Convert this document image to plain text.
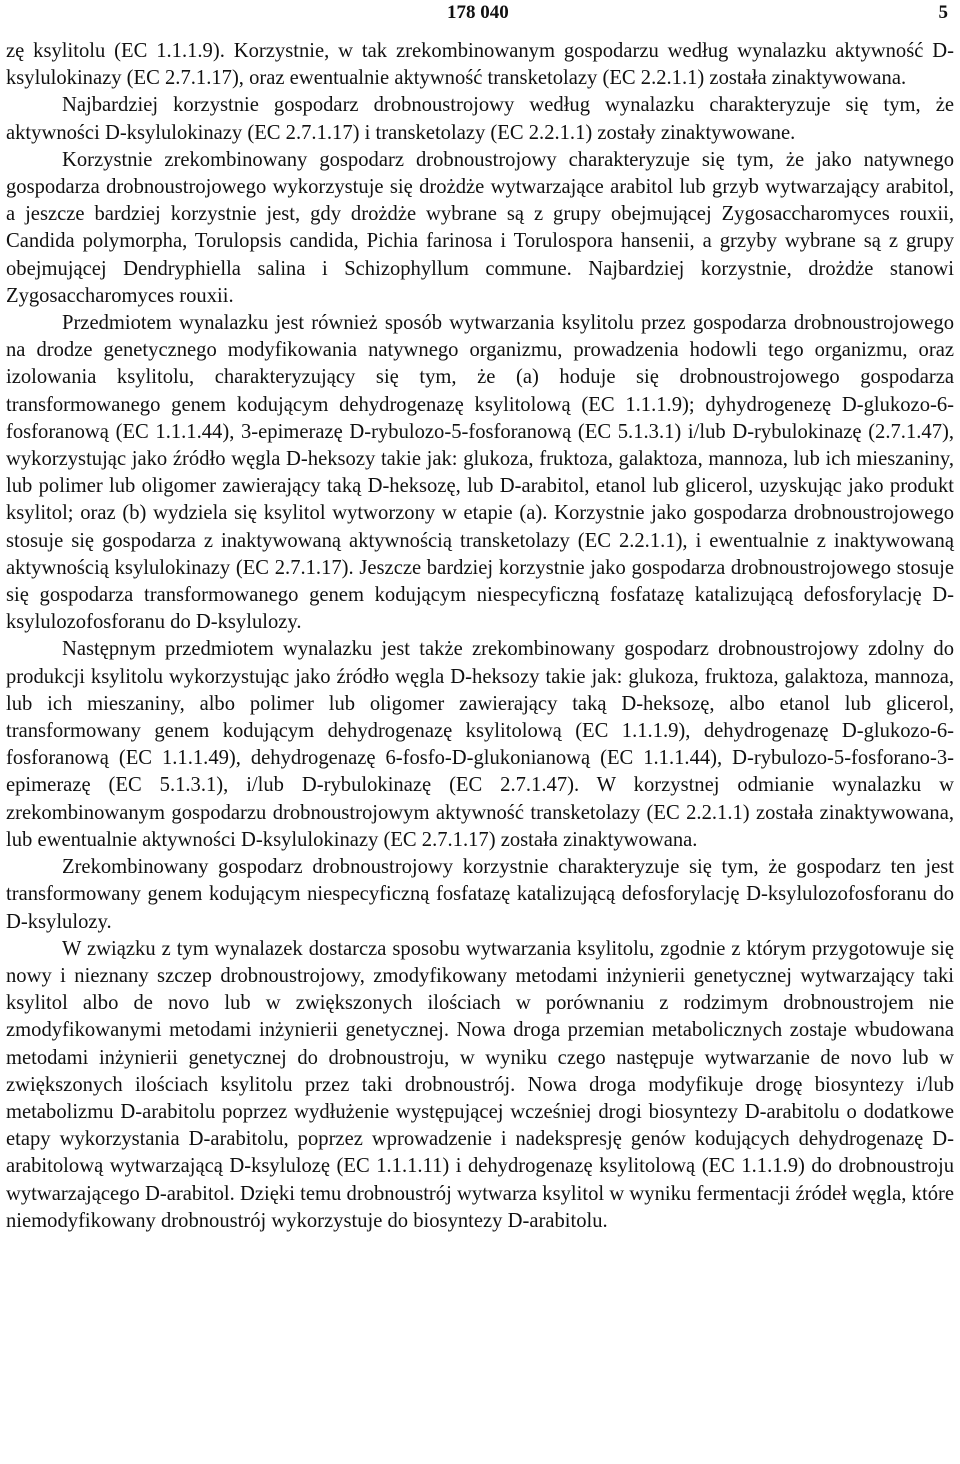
178 040	5

zę ksylitolu (EC 1.1.1.9). Korzystnie, w tak zrekombinowanym gospodarzu według wynalazku aktywność D-ksylulokinazy (EC 2.7.1.17), oraz ewentualnie aktywność transketolazy (EC 2.2.1.1) została zinaktywowana.

Najbardziej korzystnie gospodarz drobnoustrojowy według wynalazku charakteryzuje się tym, że aktywności D-ksylulokinazy (EC 2.7.1.17) i transketolazy (EC 2.2.1.1) zostały zinaktywowane.

Korzystnie zrekombinowany gospodarz drobnoustrojowy charakteryzuje się tym, że jako natywnego gospodarza drobnoustrojowego wykorzystuje się drożdże wytwarzające arabitol lub grzyb wytwarzający arabitol, a jeszcze bardziej korzystnie jest, gdy drożdże wybrane są z grupy obejmującej Zygosaccharomyces rouxii, Candida polymorpha, Torulopsis candida, Pichia farinosa i Torulospora hansenii, a grzyby wybrane są z grupy obejmującej Dendryphiella salina i Schizophyllum commune. Najbardziej korzystnie, drożdże stanowi Zygosaccharomyces rouxii.

Przedmiotem wynalazku jest również sposób wytwarzania ksylitolu przez gospodarza drobnoustrojowego na drodze genetycznego modyfikowania natywnego organizmu, prowadzenia hodowli tego organizmu, oraz izolowania ksylitolu, charakteryzujący się tym, że (a) hoduje się drobnoustrojowego gospodarza transformowanego genem kodującym dehydrogenazę ksylitolową (EC 1.1.1.9); dyhydrogenezę D-glukozo-6-fosforanową (EC 1.1.1.44), 3-epimerazę D-rybulozo-5-fosforanową (EC 5.1.3.1) i/lub D-rybulokinazę (2.7.1.47), wykorzystując jako źródło węgla D-heksozy takie jak: glukoza, fruktoza, galaktoza, mannoza, lub ich mieszaniny, lub polimer lub oligomer zawierający taką D-heksozę, lub D-arabitol, etanol lub glicerol, uzyskując jako produkt ksylitol; oraz (b) wydziela się ksylitol wytworzony w etapie (a). Korzystnie jako gospodarza drobnoustrojowego stosuje się gospodarza z inaktywowaną aktywnością transketolazy (EC 2.2.1.1), i ewentualnie z inaktywowaną aktywnością ksylulokinazy (EC 2.7.1.17). Jeszcze bardziej korzystnie jako gospodarza drobnoustrojowego stosuje się gospodarza transformowanego genem kodującym niespecyficzną fosfatazę katalizującą defosforylację D-ksylulozofosforanu do D-ksylulozy.

Następnym przedmiotem wynalazku jest także zrekombinowany gospodarz drobnoustrojowy zdolny do produkcji ksylitolu wykorzystując jako źródło węgla D-heksozy takie jak: glukoza, fruktoza, galaktoza, mannoza, lub ich mieszaniny, albo polimer lub oligomer zawierający taką D-heksozę, albo etanol lub glicerol, transformowany genem kodującym dehydrogenazę ksylitolową (EC 1.1.1.9), dehydrogenazę D-glukozo-6-fosforanową (EC 1.1.1.49), dehydrogenazę 6-fosfo-D-glukonianową (EC 1.1.1.44), D-rybulozo-5-fosforano-3-epimerazę (EC 5.1.3.1), i/lub D-rybulokinazę (EC 2.7.1.47). W korzystnej odmianie wynalazku w zrekombinowanym gospodarzu drobnoustrojowym aktywność transketolazy (EC 2.2.1.1) została zinaktywowana, lub ewentualnie aktywności D-ksylulokinazy (EC 2.7.1.17) została zinaktywowana.

Zrekombinowany gospodarz drobnoustrojowy korzystnie charakteryzuje się tym, że gospodarz ten jest transformowany genem kodującym niespecyficzną fosfatazę katalizującą defosforylację D-ksylulozofosforanu do D-ksylulozy.

W związku z tym wynalazek dostarcza sposobu wytwarzania ksylitolu, zgodnie z którym przygotowuje się nowy i nieznany szczep drobnoustrojowy, zmodyfikowany metodami inżynierii genetycznej wytwarzający taki ksylitol albo de novo lub w zwiększonych ilościach w porównaniu z rodzimym drobnoustrojem nie zmodyfikowanymi metodami inżynierii genetycznej. Nowa droga przemian metabolicznych zostaje wbudowana metodami inżynierii genetycznej do drobnoustroju, w wyniku czego następuje wytwarzanie de novo lub w zwiększonych ilościach ksylitolu przez taki drobnoustrój. Nowa droga modyfikuje drogę biosyntezy i/lub metabolizmu D-arabitolu poprzez wydłużenie występującej wcześniej drogi biosyntezy D-arabitolu o dodatkowe etapy wykorzystania D-arabitolu, poprzez wprowadzenie i nadekspresję genów kodujących dehydrogenazę D-arabitolową wytwarzającą D-ksylulozę (EC 1.1.1.11) i dehydrogenazę ksylitolową (EC 1.1.1.9) do drobnoustroju wytwarzającego D-arabitol. Dzięki temu drobnoustrój wytwarza ksylitol w wyniku fermentacji źródeł węgla, które niemodyfikowany drobnoustrój wykorzystuje do biosyntezy D-arabitolu.
